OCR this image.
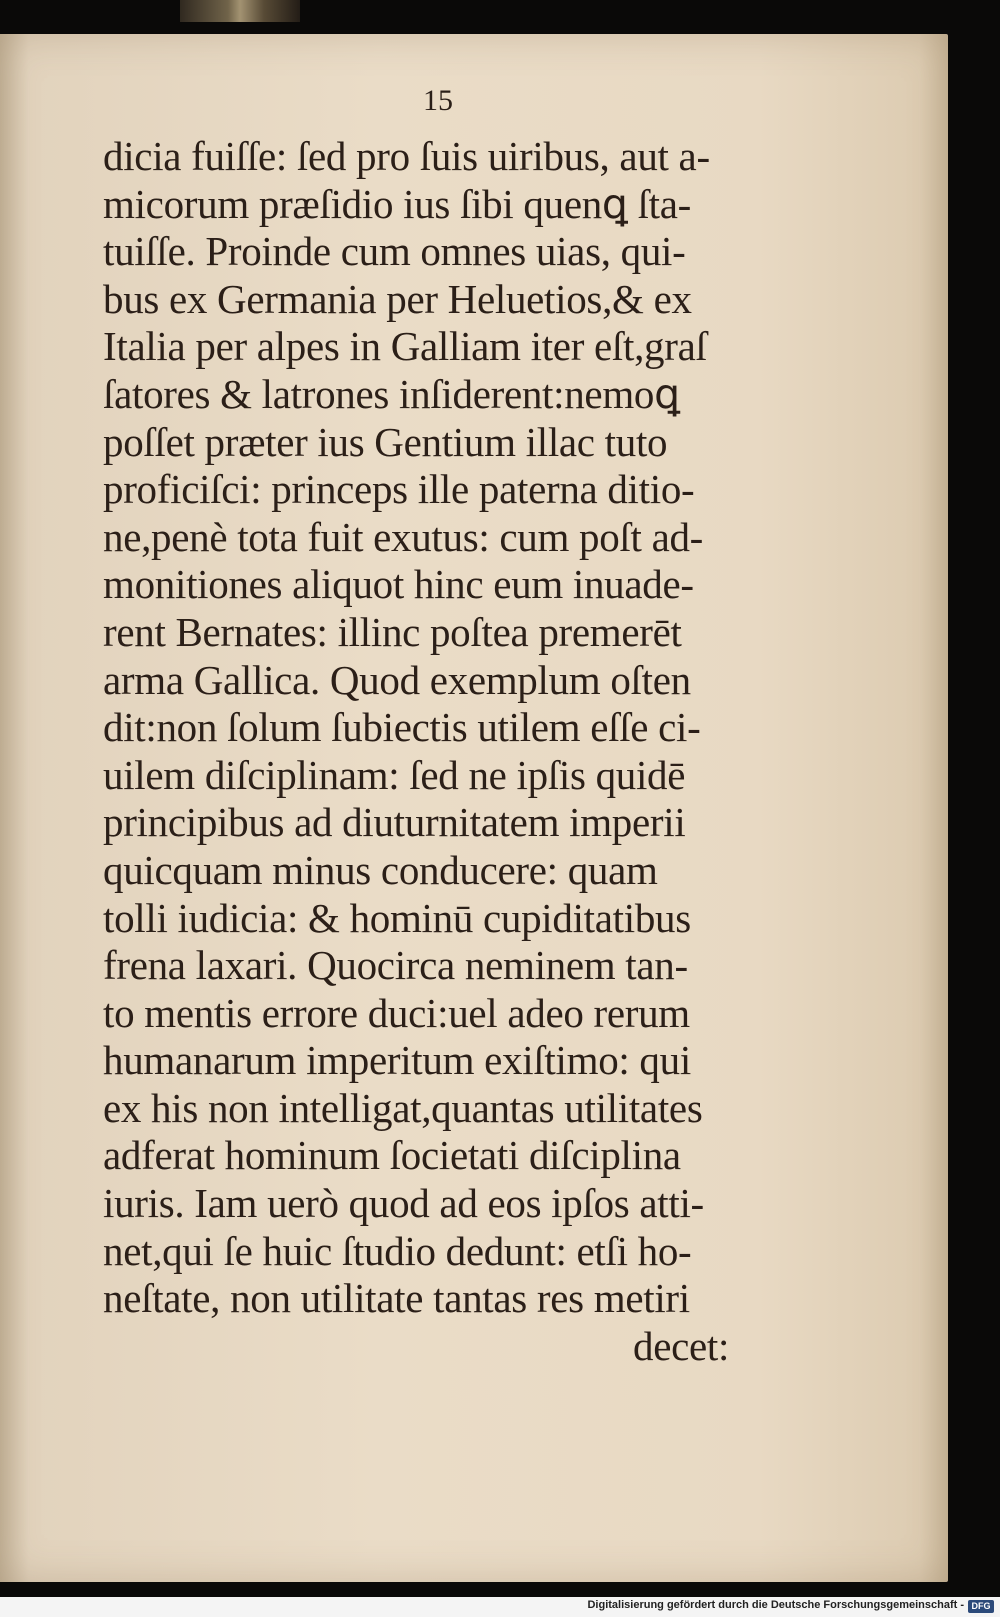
15
dicia fuiſſe: ſed pro ſuis uiribus, aut a-
micorum præſidio ius ſibi quenꝗ ſta-
tuiſſe. Proinde cum omnes uias, qui-
bus ex Germania per Heluetios,& ex
Italia per alpes in Galliam iter eſt,graſ
ſatores & latrones inſiderent:nemoꝗ
poſſet præter ius Gentium illac tuto
proficiſci: princeps ille paterna ditio-
ne,penè tota fuit exutus: cum poſt ad-
monitiones aliquot hinc eum inuade-
rent Bernates: illinc poſtea premerēt
arma Gallica. Quod exemplum oſten
dit:non ſolum ſubiectis utilem eſſe ci-
uilem diſciplinam: ſed ne ipſis quidē
principibus ad diuturnitatem imperii
quicquam minus conducere: quam
tolli iudicia: & hominū cupiditatibus
frena laxari. Quocirca neminem tan-
to mentis errore duci:uel adeo rerum
humanarum imperitum exiſtimo: qui
ex his non intelligat,quantas utilitates
adferat hominum ſocietati diſciplina
iuris. Iam uerò quod ad eos ipſos atti-
net,qui ſe huic ſtudio dedunt: etſi ho-
neſtate, non utilitate tantas res metiri
decet:
Digitalisierung gefördert durch die Deutsche Forschungsgemeinschaft - DFG
